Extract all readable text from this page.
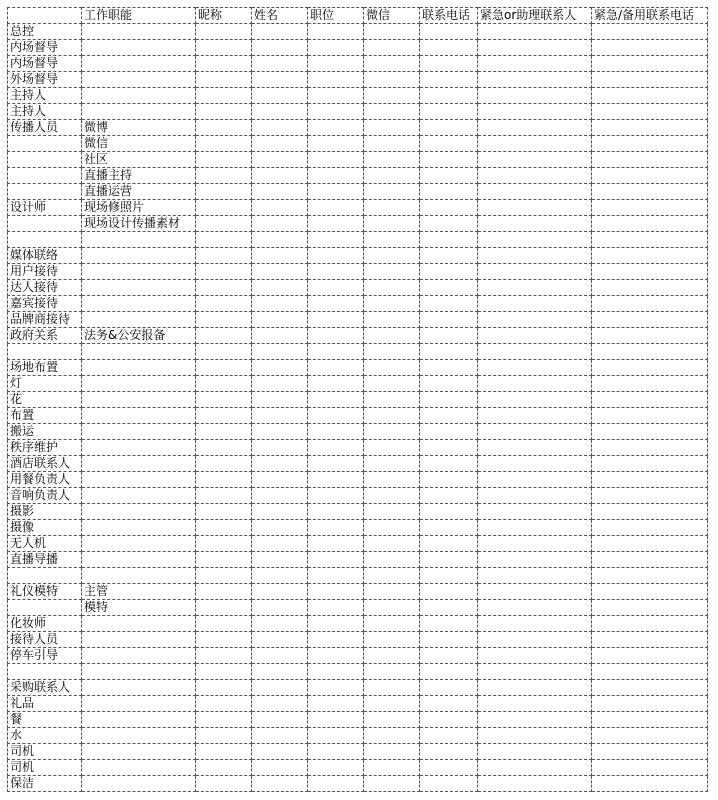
	工作职能	昵称	姓名	职位	微信	联系电话	紧急or助理联系人	紧急/备用联系电话
总控								
内场督导								
内场督导								
外场督导								
主持人								
主持人								
传播人员	微博							
	微信							
	社区							
	直播主持							
	直播运营							
设计师	现场修照片							
	现场设计传播素材							

媒体联络								
用户接待								
达人接待								
嘉宾接待								
品牌商接待								
政府关系	法务&公安报备							

场地布置								
灯								
花								
布置								
搬运								
秩序维护								
酒店联系人								
用餐负责人								
音响负责人								
摄影								
摄像								
无人机								
直播导播								

礼仪模特	主管							
	模特							
化妆师								
接待人员								
停车引导								

采购联系人								
礼品								
餐								
水								
司机								
司机								
保洁								
